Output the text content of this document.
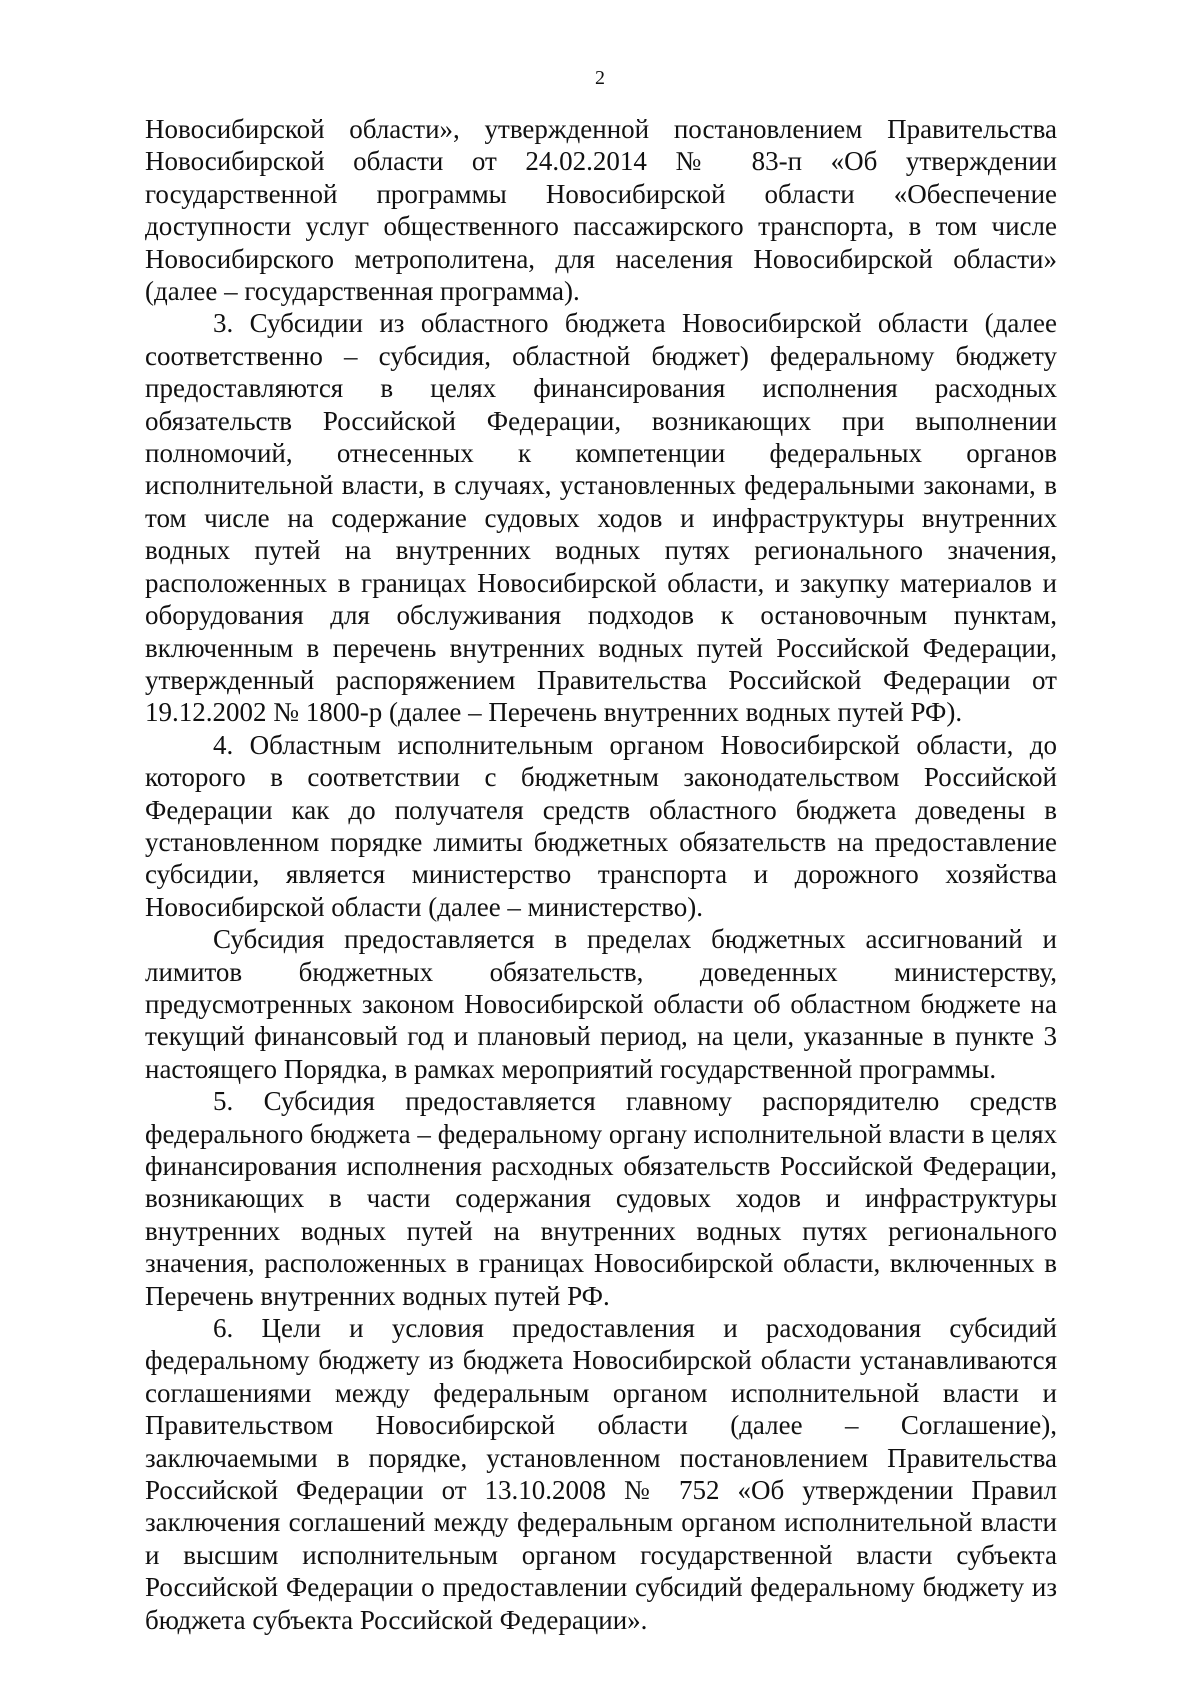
2

Новосибирской области», утвержденной постановлением Правительства Новосибирской области от 24.02.2014 № 83-п «Об утверждении государственной программы Новосибирской области «Обеспечение доступности услуг общественного пассажирского транспорта, в том числе Новосибирского метрополитена, для населения Новосибирской области» (далее – государственная программа).

3. Субсидии из областного бюджета Новосибирской области (далее соответственно – субсидия, областной бюджет) федеральному бюджету предоставляются в целях финансирования исполнения расходных обязательств Российской Федерации, возникающих при выполнении полномочий, отнесенных к компетенции федеральных органов исполнительной власти, в случаях, установленных федеральными законами, в том числе на содержание судовых ходов и инфраструктуры внутренних водных путей на внутренних водных путях регионального значения, расположенных в границах Новосибирской области, и закупку материалов и оборудования для обслуживания подходов к остановочным пунктам, включенным в перечень внутренних водных путей Российской Федерации, утвержденный распоряжением Правительства Российской Федерации от 19.12.2002 № 1800-р (далее – Перечень внутренних водных путей РФ).

4. Областным исполнительным органом Новосибирской области, до которого в соответствии с бюджетным законодательством Российской Федерации как до получателя средств областного бюджета доведены в установленном порядке лимиты бюджетных обязательств на предоставление субсидии, является министерство транспорта и дорожного хозяйства Новосибирской области (далее – министерство).

Субсидия предоставляется в пределах бюджетных ассигнований и лимитов бюджетных обязательств, доведенных министерству, предусмотренных законом Новосибирской области об областном бюджете на текущий финансовый год и плановый период, на цели, указанные в пункте 3 настоящего Порядка, в рамках мероприятий государственной программы.

5. Субсидия предоставляется главному распорядителю средств федерального бюджета – федеральному органу исполнительной власти в целях финансирования исполнения расходных обязательств Российской Федерации, возникающих в части содержания судовых ходов и инфраструктуры внутренних водных путей на внутренних водных путях регионального значения, расположенных в границах Новосибирской области, включенных в Перечень внутренних водных путей РФ.

6. Цели и условия предоставления и расходования субсидий федеральному бюджету из бюджета Новосибирской области устанавливаются соглашениями между федеральным органом исполнительной власти и Правительством Новосибирской области (далее – Соглашение), заключаемыми в порядке, установленном постановлением Правительства Российской Федерации от 13.10.2008 № 752 «Об утверждении Правил заключения соглашений между федеральным органом исполнительной власти и высшим исполнительным органом государственной власти субъекта Российской Федерации о предоставлении субсидий федеральному бюджету из бюджета субъекта Российской Федерации».
